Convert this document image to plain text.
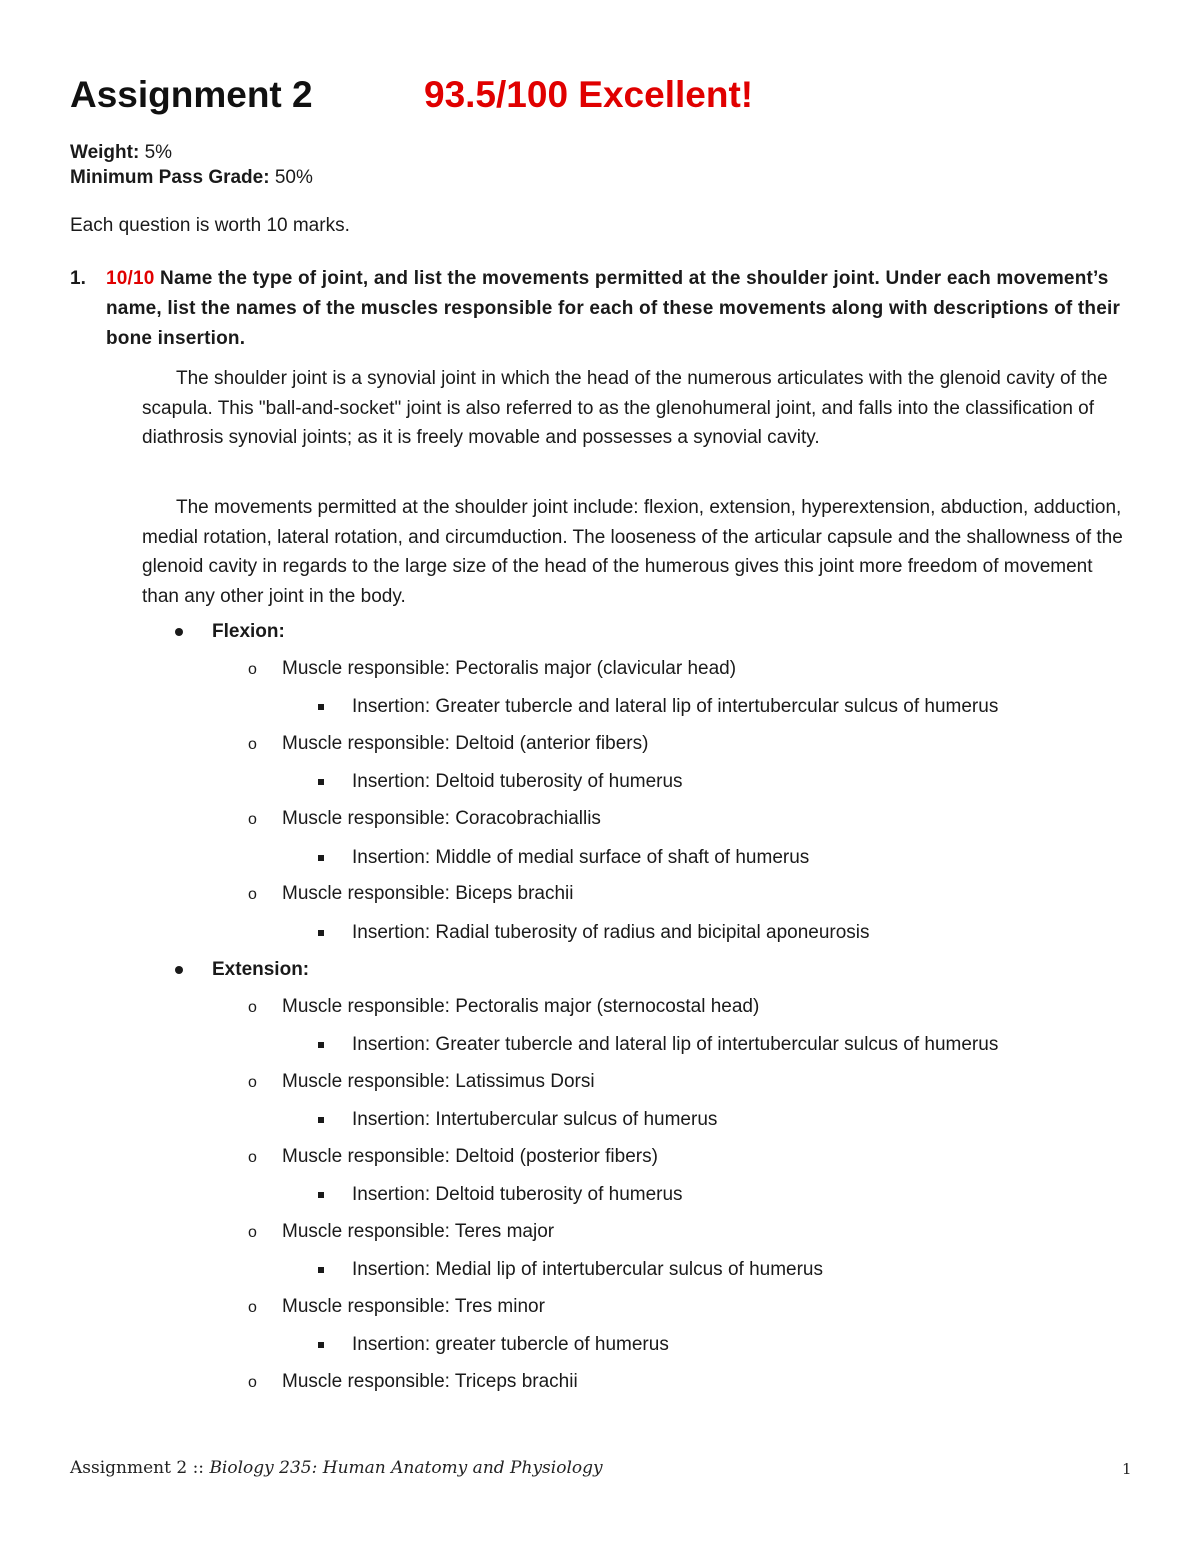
Assignment 2	93.5/100 Excellent!
Weight: 5%
Minimum Pass Grade: 50%
Each question is worth 10 marks.
1. 10/10 Name the type of joint, and list the movements permitted at the shoulder joint. Under each movement’s name, list the names of the muscles responsible for each of these movements along with descriptions of their bone insertion.
The shoulder joint is a synovial joint in which the head of the numerous articulates with the glenoid cavity of the scapula. This "ball-and-socket" joint is also referred to as the glenohumeral joint, and falls into the classification of diathrosis synovial joints; as it is freely movable and possesses a synovial cavity.
The movements permitted at the shoulder joint include: flexion, extension, hyperextension, abduction, adduction, medial rotation, lateral rotation, and circumduction. The looseness of the articular capsule and the shallowness of the glenoid cavity in regards to the large size of the head of the humerous gives this joint more freedom of movement than any other joint in the body.
Flexion:
o Muscle responsible: Pectoralis major (clavicular head)
Insertion: Greater tubercle and lateral lip of intertubercular sulcus of humerus
o Muscle responsible: Deltoid (anterior fibers)
Insertion: Deltoid tuberosity of humerus
o Muscle responsible: Coracobrachiallis
Insertion: Middle of medial surface of shaft of humerus
o Muscle responsible: Biceps brachii
Insertion: Radial tuberosity of radius and bicipital aponeurosis
Extension:
o Muscle responsible: Pectoralis major (sternocostal head)
Insertion: Greater tubercle and lateral lip of intertubercular sulcus of humerus
o Muscle responsible: Latissimus Dorsi
Insertion: Intertubercular sulcus of humerus
o Muscle responsible: Deltoid (posterior fibers)
Insertion: Deltoid tuberosity of humerus
o Muscle responsible: Teres major
Insertion: Medial lip of intertubercular sulcus of humerus
o Muscle responsible: Tres minor
Insertion: greater tubercle of humerus
o Muscle responsible: Triceps brachii
Assignment 2 :: Biology 235: Human Anatomy and Physiology	1
